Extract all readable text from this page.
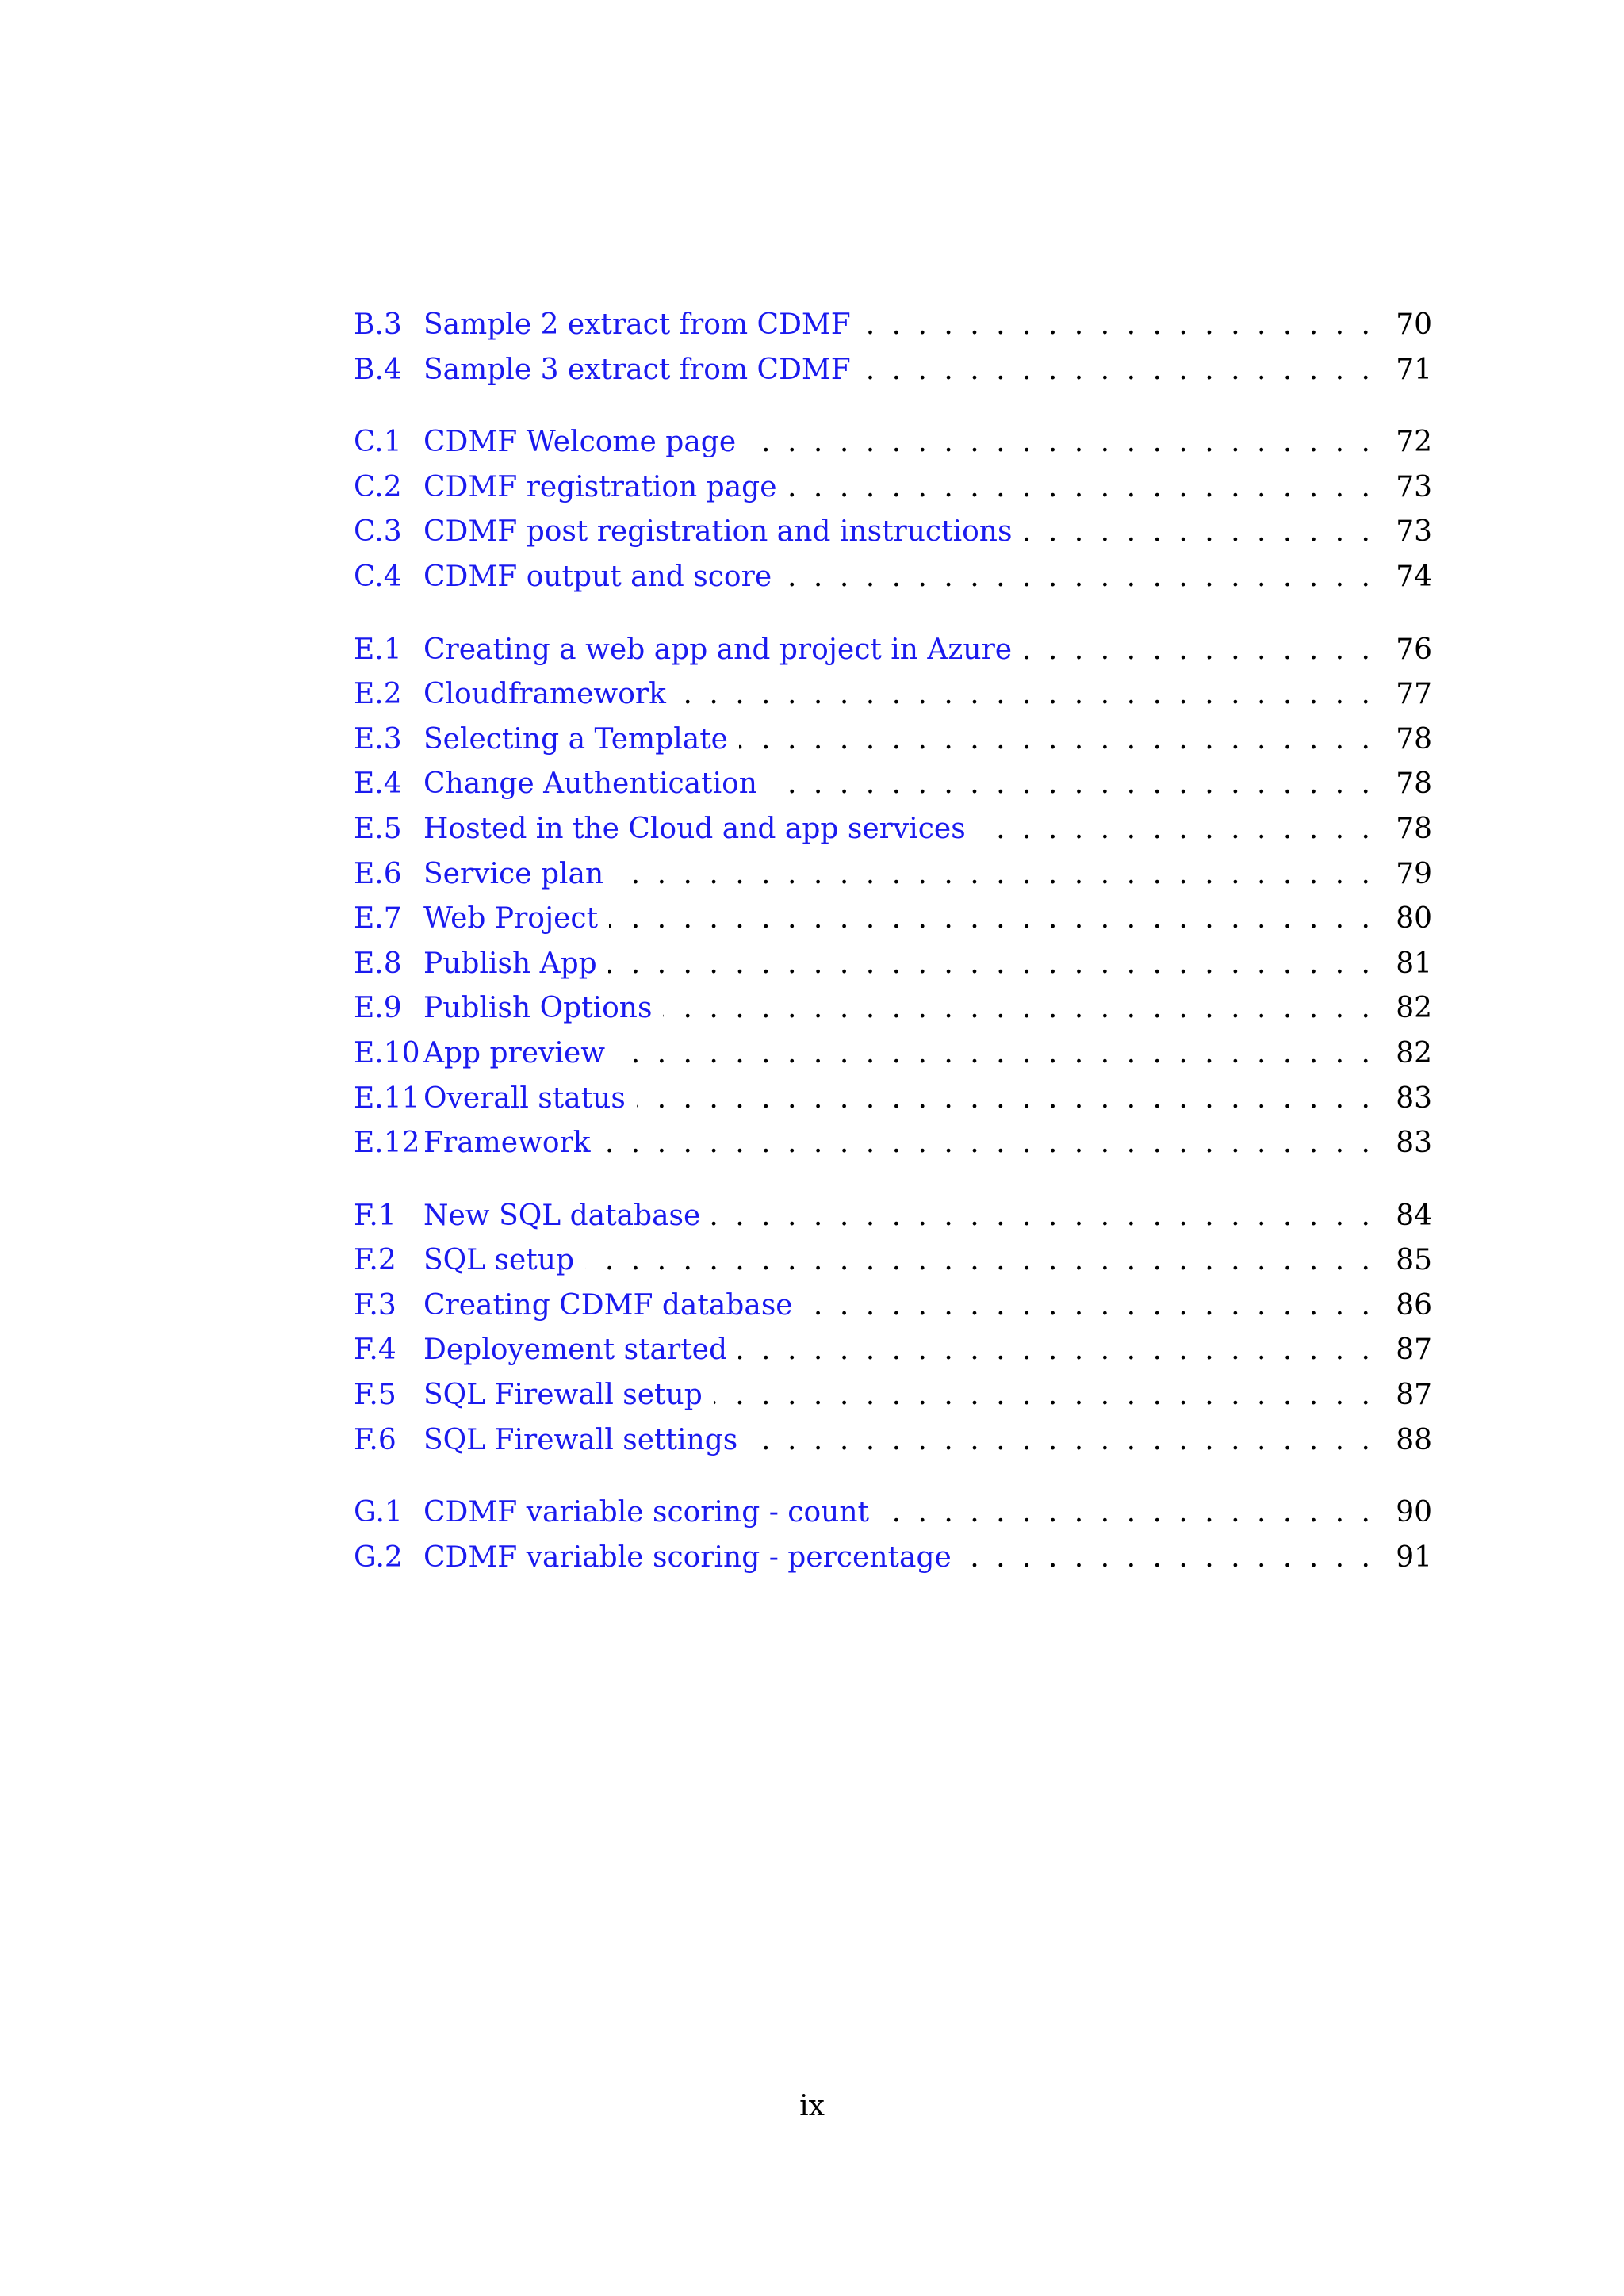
B.3 Sample 2 extract from CDMF . . .	70
B.4 Sample 3 extract from CDMF . . .	71
C.1 CDMF Welcome page . . .	72
C.2 CDMF registration page . . .	73
C.3 CDMF post registration and instructions . . .	73
C.4 CDMF output and score . . .	74
E.1 Creating a web app and project in Azure . . .	76
E.2 Cloudframework . . .	77
E.3 Selecting a Template . . .	78
E.4 Change Authentication . . .	78
E.5 Hosted in the Cloud and app services . . .	78
E.6 Service plan . . .	79
E.7 Web Project . . .	80
E.8 Publish App . . .	81
E.9 Publish Options . . .	82
E.10 App preview . . .	82
E.11 Overall status . . .	83
E.12 Framework . . .	83
F.1 New SQL database . . .	84
F.2 SQL setup . . .	85
F.3 Creating CDMF database . . .	86
F.4 Deployement started . . .	87
F.5 SQL Firewall setup . . .	87
F.6 SQL Firewall settings . . .	88
G.1 CDMF variable scoring - count . . .	90
G.2 CDMF variable scoring - percentage . . .	91
ix
